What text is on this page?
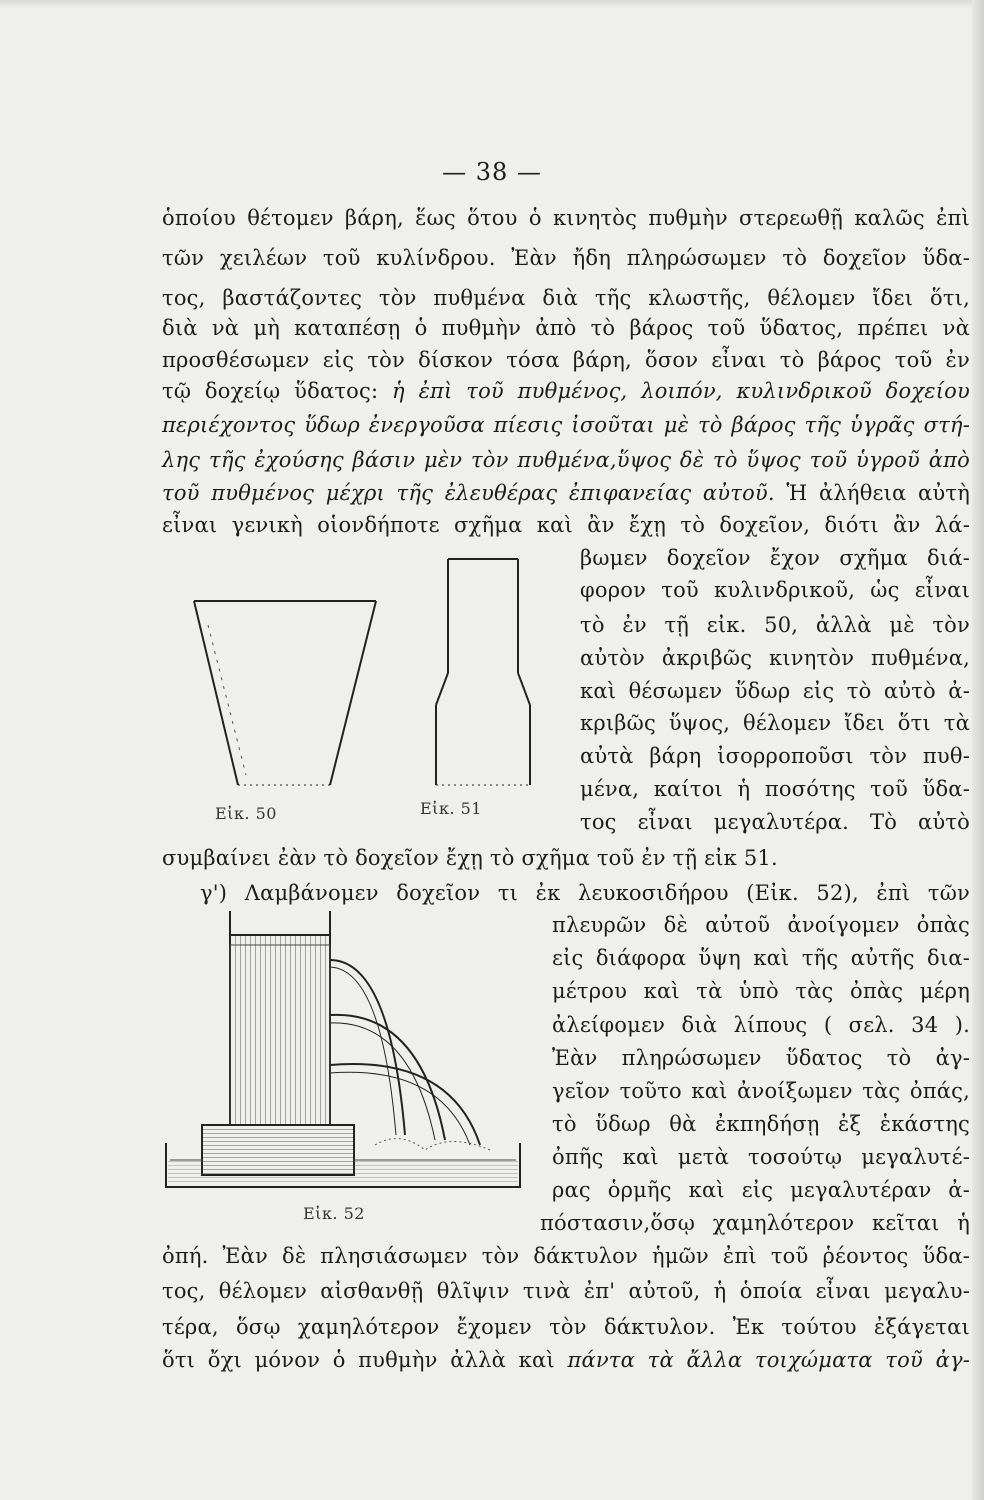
— 38 —
ὁποίου θέτομεν βάρη, ἕως ὅτου ὁ κινητὸς πυθμὴν στερεωθῇ καλῶς ἐπὶ
τῶν χειλέων τοῦ κυλίνδρου. Ἐὰν ἤδη πληρώσωμεν τὸ δοχεῖον ὕδα-
τος, βαστάζοντες τὸν πυθμένα διὰ τῆς κλωστῆς, θέλομεν ἴδει ὅτι,
διὰ νὰ μὴ καταπέσῃ ὁ πυθμὴν ἀπὸ τὸ βάρος τοῦ ὕδατος, πρέπει νὰ
προσθέσωμεν εἰς τὸν δίσκον τόσα βάρη, ὅσον εἶναι τὸ βάρος τοῦ ἐν
τῷ δοχείῳ ὕδατος: ἡ ἐπὶ τοῦ πυθμένος, λοιπόν, κυλινδρικοῦ δοχείου
περιέχοντος ὕδωρ ἐνεργοῦσα πίεσις ἰσοῦται μὲ τὸ βάρος τῆς ὑγρᾶς στή-
λης τῆς ἐχούσης βάσιν μὲν τὸν πυθμένα,ὕψος δὲ τὸ ὕψος τοῦ ὑγροῦ ἀπὸ
τοῦ πυθμένος μέχρι τῆς ἐλευθέρας ἐπιφανείας αὐτοῦ. Ἡ ἀλήθεια αὐτὴ
εἶναι γενικὴ οἱονδήποτε σχῆμα καὶ ἂν ἔχῃ τὸ δοχεῖον, διότι ἂν λά-
βωμεν δοχεῖον ἔχον σχῆμα διά-
φορον τοῦ κυλινδρικοῦ, ὡς εἶναι
τὸ ἐν τῇ εἰκ. 50, ἀλλὰ μὲ τὸν
αὐτὸν ἀκριβῶς κινητὸν πυθμένα,
καὶ θέσωμεν ὕδωρ εἰς τὸ αὐτὸ ἀ-
κριβῶς ὕψος, θέλομεν ἴδει ὅτι τὰ
αὐτὰ βάρη ἰσορροποῦσι τὸν πυθ-
μένα, καίτοι ἡ ποσότης τοῦ ὕδα-
τος εἶναι μεγαλυτέρα. Τὸ αὐτὸ
Εἰκ. 50	Εἰκ. 51
συμβαίνει ἐὰν τὸ δοχεῖον ἔχῃ τὸ σχῆμα τοῦ ἐν τῇ εἰκ 51.
γ') Λαμβάνομεν δοχεῖον τι ἐκ λευκοσιδήρου (Εἰκ. 52), ἐπὶ τῶν
πλευρῶν δὲ αὐτοῦ ἀνοίγομεν ὀπὰς
εἰς διάφορα ὕψη καὶ τῆς αὐτῆς δια-
μέτρου καὶ τὰ ὑπὸ τὰς ὀπὰς μέρη
ἀλείφομεν διὰ λίπους ( σελ. 34 ).
Ἐὰν πληρώσωμεν ὕδατος τὸ ἀγ-
γεῖον τοῦτο καὶ ἀνοίξωμεν τὰς ὀπάς,
τὸ ὕδωρ θὰ ἐκπηδήσῃ ἐξ ἑκάστης
ὀπῆς καὶ μετὰ τοσούτῳ μεγαλυτέ-
ρας ὁρμῆς καὶ εἰς μεγαλυτέραν ἀ-
πόστασιν,ὅσῳ χαμηλότερον κεῖται ἡ
Εἰκ. 52
ὀπή. Ἐὰν δὲ πλησιάσωμεν τὸν δάκτυλον ἡμῶν ἐπὶ τοῦ ῥέοντος ὕδα-
τος, θέλομεν αἰσθανθῇ θλῖψιν τινὰ ἐπ' αὐτοῦ, ἡ ὁποία εἶναι μεγαλυ-
τέρα, ὅσῳ χαμηλότερον ἔχομεν τὸν δάκτυλον. Ἐκ τούτου ἐξάγεται
ὅτι ὄχι μόνον ὁ πυθμὴν ἀλλὰ καὶ πάντα τὰ ἄλλα τοιχώματα τοῦ ἀγ-
